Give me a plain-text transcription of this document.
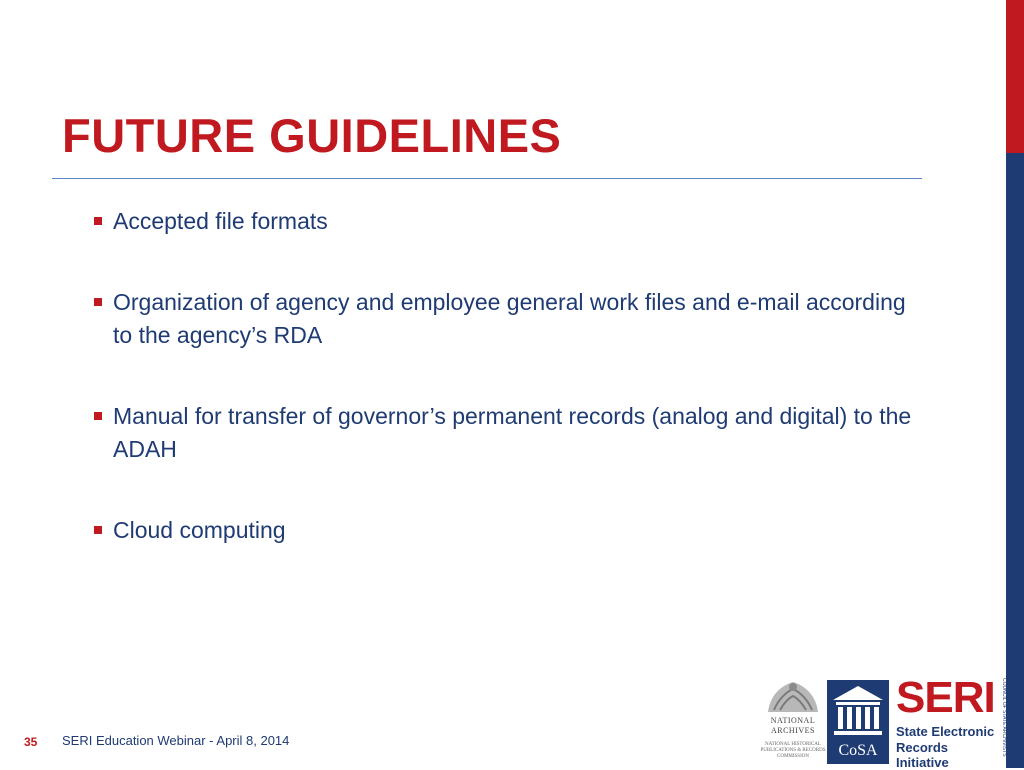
FUTURE GUIDELINES
Accepted file formats
Organization of agency and employee general work files and e-mail according to the agency’s RDA
Manual for transfer of governor’s permanent records (analog and digital) to the ADAH
Cloud computing
35 SERI Education Webinar - April 8, 2014
NATIONAL ARCHIVES
NATIONAL HISTORICAL PUBLICATIONS & RECORDS COMMISSION	CoSA
SERI
State Electronic
Records Initiative
COUNCIL OF STATE ARCHIVISTS
